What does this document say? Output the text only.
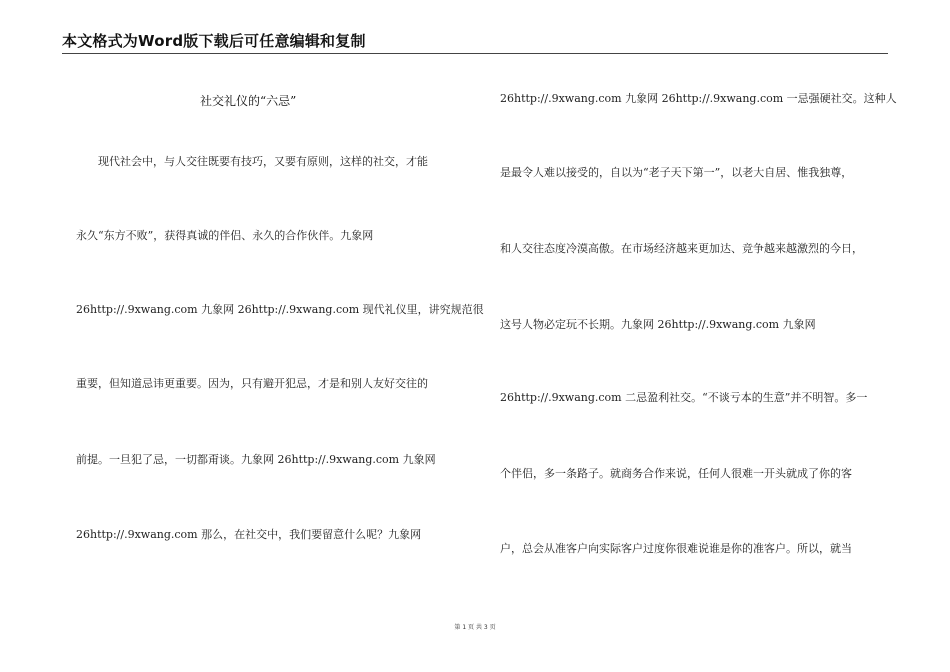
本文格式为Word版下载后可任意编辑和复制
社交礼仪的“六忌”
　　现代社会中，与人交往既要有技巧，又要有原则，这样的社交，才能
永久“东方不败”，获得真诚的伴侣、永久的合作伙伴。九象网
26http://.9xwang.com 九象网 26http://.9xwang.com 现代礼仪里，讲究规范很
重要，但知道忌讳更重要。因为，只有避开犯忌，才是和别人友好交往的
前提。一旦犯了忌，一切都甭谈。九象网 26http://.9xwang.com 九象网
26http://.9xwang.com 那么，在社交中，我们要留意什么呢？九象网
26http://.9xwang.com 九象网 26http://.9xwang.com 一忌强硬社交。这种人
是最令人难以接受的，自以为“老子天下第一”，以老大自居、惟我独尊，
和人交往态度冷漠高傲。在市场经济越来更加达、竞争越来越激烈的今日，
这号人物必定玩不长期。九象网 26http://.9xwang.com 九象网
26http://.9xwang.com 二忌盈利社交。“不谈亏本的生意”并不明智。多一
个伴侣，多一条路子。就商务合作来说，任何人很难一开头就成了你的客
户，总会从准客户向实际客户过度你很难说谁是你的准客户。所以，就当
第 1 页 共 3 页
